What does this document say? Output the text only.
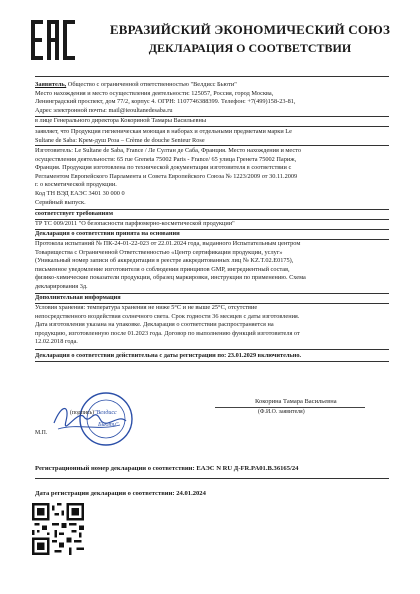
ЕВРАЗИЙСКИЙ ЭКОНОМИЧЕСКИЙ СОЮЗ
ДЕКЛАРАЦИЯ О СООТВЕТСТВИИ
Заявитель, Общество с ограниченной ответственностью "Велдисс Бьюти"
Место нахождения и место осуществления деятельности: 125057, Россия, город Москва,
Ленинградский проспект, дом 77/2, корпус 4. ОГРН: 1107746388399. Телефон: +7(499)158-23-81,
Адрес электронной почты: mail@ieoultanedesaba.ru
в лице Генерального директора Кокориной Тамары Васильевны
заявляет, что Продукция гигиеническая моющая в наборах и отдельными предметами марки Le
Sultane de Saba: Крем-душ Роза – Crème de douche Senteur Rose
Изготовитель: Le Sultane de Saba, France / Ле Султан де Саба, Франция. Место нахождения и место
осуществления деятельности: 65 rue Greneta 75002 Paris - France/ 65 улица Гренета 75002 Париж,
Франция. Продукция изготовлена по технической документации изготовителя в соответствии с
Регламентом Европейского Парламента и Совета Европейского Союза № 1223/2009 от 30.11.2009
г. о косметической продукции.
Код ТН ВЭД ЕАЭС 3401 30 000 0
Серийный выпуск.
соответствует требованиям
ТР ТС 009/2011 "О безопасности парфюмерно-косметической продукции"
Декларация о соответствии принята на основании
Протокола испытаний № ПК-24-01-22-023 от 22.01.2024 года, выданного Испытательным центром
Товарищества с Ограниченной Ответственностью «Центр сертификации продукции, услуг»
(Уникальный номер записи об аккредитации в реестре аккредитованных лиц № KZ.T.02.E0175),
письменное уведомление изготовителя о соблюдении принципов GMP, ингредиентный состав,
физико-химические показатели продукции, образец маркировки, инструкция по применению. Схема
декларирования 3д.
Дополнительная информация
Условия хранения: температура хранения не ниже 5°С и не выше 25°С, отсутствие
непосредственного воздействия солнечного света. Срок годности 36 месяцев с даты изготовления.
Дата изготовления указана на упаковке. Декларация о соответствии распространяется на
продукцию, изготовленную после 01.2023 года. Договор по выполнению функций изготовителя от
12.02.2018 года.
Декларация о соответствии действительна с даты регистрации по: 23.01.2029 включительно.
"Велдисс
Бьюти"
(подпись)
Кокорина Тамара Васильевна
(Ф.И.О. заявителя)
М.П.
Регистрационный номер декларации о соответствии: ЕАЭС N RU Д-FR.PA01.B.36165/24
Дата регистрации декларации о соответствии: 24.01.2024
